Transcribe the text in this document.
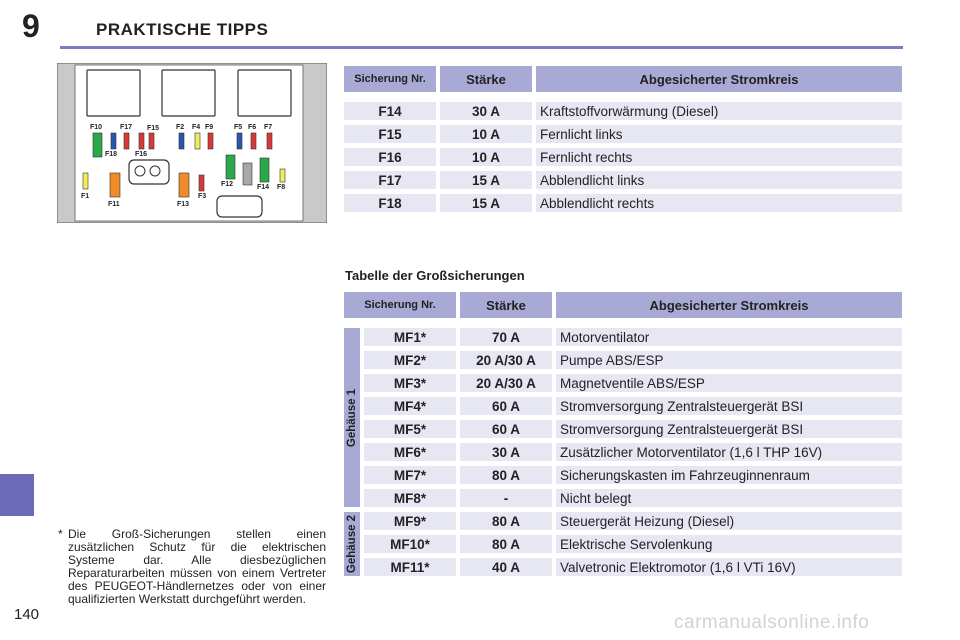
9	PRAKTISCHE TIPPS
F10	F17 F15 F2 F4 F9	F5 F6 F7
F18	F16
F1
F11	F13
F3
F12	F14 F8
Sicherung Nr.	Stärke	Abgesicherter Stromkreis

F14	30 A	Kraftstoffvorwärmung (Diesel)
F15	10 A	Fernlicht links
F16	10 A	Fernlicht rechts
F17	15 A	Abblendlicht links
F18	15 A	Abblendlicht rechts
Tabelle der Großsicherungen
Sicherung Nr.		Stärke	Abgesicherter Stromkreis

Gehäuse 1	MF1*	70 A	Motorventilator
	MF2*	20 A/30 A	Pumpe ABS/ESP
	MF3*	20 A/30 A	Magnetventile ABS/ESP
	MF4*	60 A	Stromversorgung Zentralsteuergerät BSI
	MF5*	60 A	Stromversorgung Zentralsteuergerät BSI
	MF6*	30 A	Zusätzlicher Motorventilator (1,6 l THP 16V)
	MF7*	80 A	Sicherungskasten im Fahrzeuginnenraum
	MF8*	-	Nicht belegt

Gehäuse 2	MF9*	80 A	Steuergerät Heizung (Diesel)
	MF10*	80 A	Elektrische Servolenkung
	MF11*	40 A	Valvetronic Elektromotor (1,6 l VTi 16V)
* Die Groß-Sicherungen stellen einen zusätzlichen Schutz für die elektrischen Systeme dar. Alle diesbezüglichen Reparaturarbeiten müssen von einem Vertreter des PEUGEOT-Händlernetzes oder von einer qualifizierten Werkstatt durchgeführt werden.
140	carmanualsonline.info
